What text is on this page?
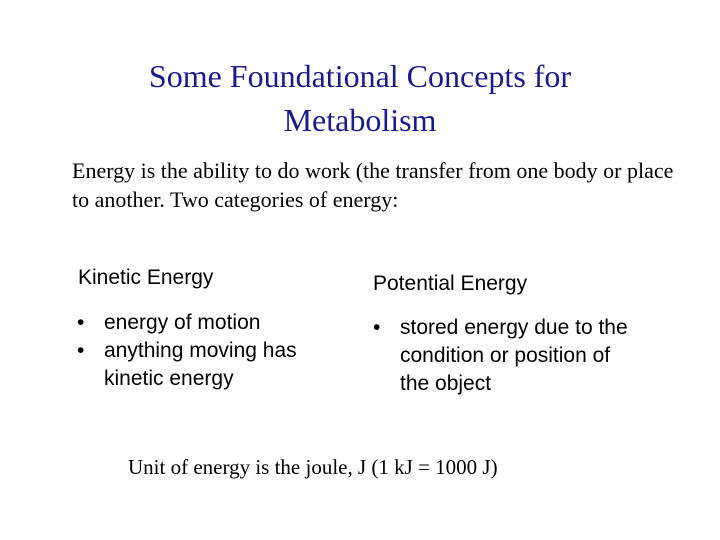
Some Foundational Concepts for
Metabolism
Energy is the ability to do work (the transfer from one body or place to another. Two categories of energy:
Kinetic Energy
• energy of motion
• anything moving has kinetic energy
Potential Energy
• stored energy due to the condition or position of the object
Unit of energy is the joule, J (1 kJ = 1000 J)
